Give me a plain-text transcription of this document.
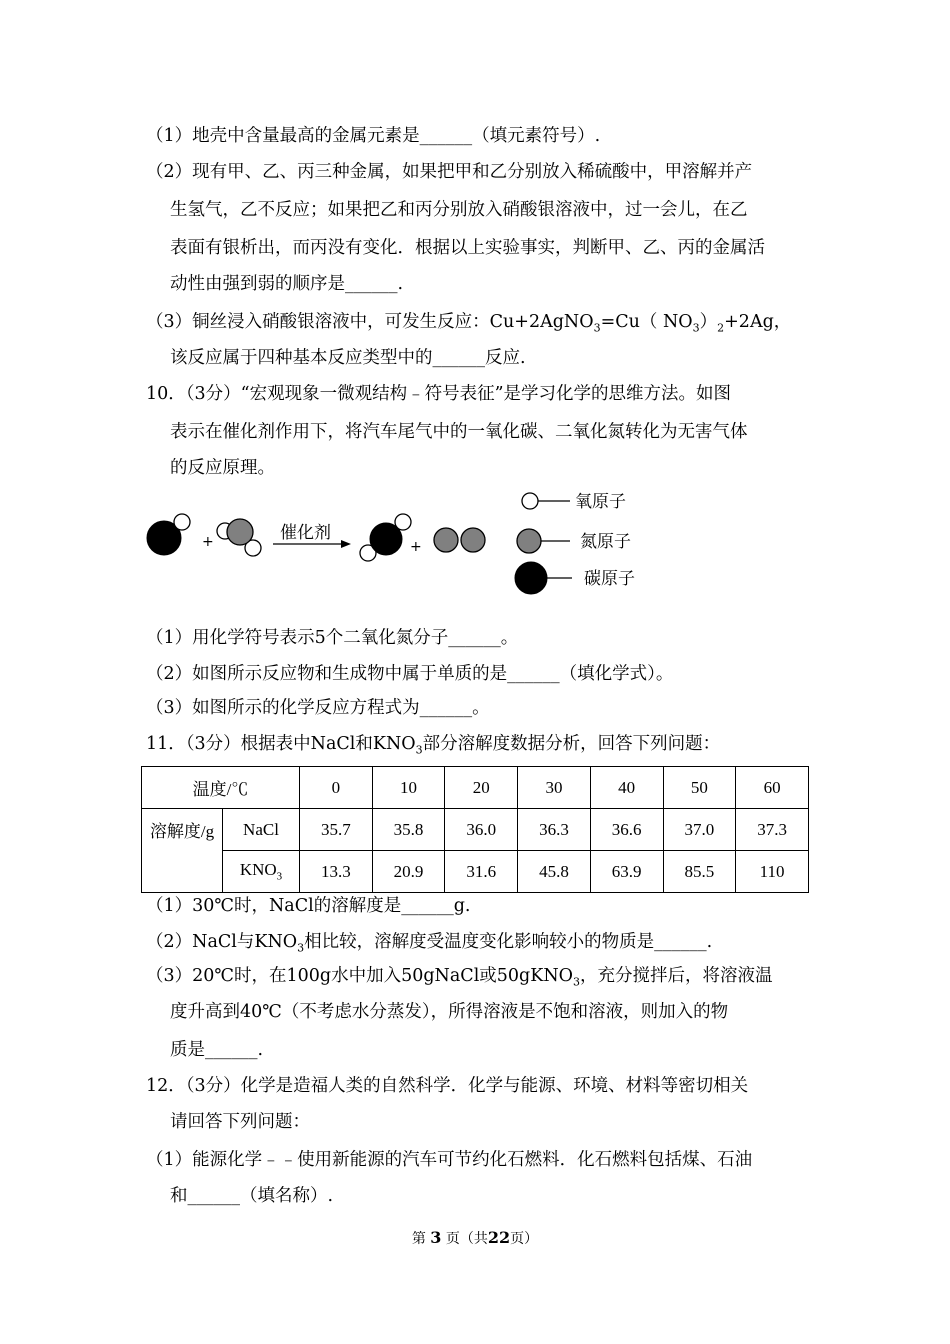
（1）地壳中含量最高的金属元素是______（填元素符号）.
（2）现有甲、乙、丙三种金属，如果把甲和乙分别放入稀硫酸中，甲溶解并产
生氢气，乙不反应；如果把乙和丙分别放入硝酸银溶液中，过一会儿，在乙
表面有银析出，而丙没有变化．根据以上实验事实，判断甲、乙、丙的金属活
动性由强到弱的顺序是______.
（3）铜丝浸入硝酸银溶液中，可发生反应：Cu+2AgNO$_3$=Cu（ $NO_3)_2+2Ag$，
该反应属于四种基本反应类型中的______反应.
10．（3分）“宏观现象一微观结构﹣符号表征”是学习化学的思维方法。如图
表示在催化剂作用下，将汽车尾气中的一氧化碳、二氧化氮转化为无害气体
的反应原理。
+	催化剂
+
氧原子
氮原子
碳原子
（1）用化学符号表示5个二氧化氮分子______。
（2）如图所示反应物和生成物中属于单质的是______（填化学式）。
（3）如图所示的化学反应方程式为______。
11．（3分）根据表中NaCl和$KNO_3$部分溶解度数据分析，回答下列问题：
温度/℃		0	10	20	30	40	50	60
溶解度/g	NaCl	35.7	35.8	36.0	36.3	36.6	37.0	37.3
	$KNO_3$	13.3	20.9	31.6	45.8	63.9	85.5	110
（1）30℃时，NaCl的溶解度是______g.
（2）NaCl与$KNO_3$相比较，溶解度受温度变化影响较小的物质是______.
（3）20℃时，在100g水中加入50gNaCl或50gKNO$_3$，充分搅拌后，将溶液温
度升高到40℃（不考虑水分蒸发），所得溶液是不饱和溶液，则加入的物
质是______.
12．（3分）化学是造福人类的自然科学．化学与能源、环境、材料等密切相关
请回答下列问题：
（1）能源化学﹣﹣使用新能源的汽车可节约化石燃料．化石燃料包括煤、石油
和______（填名称）.
第 3 页（共22页）
